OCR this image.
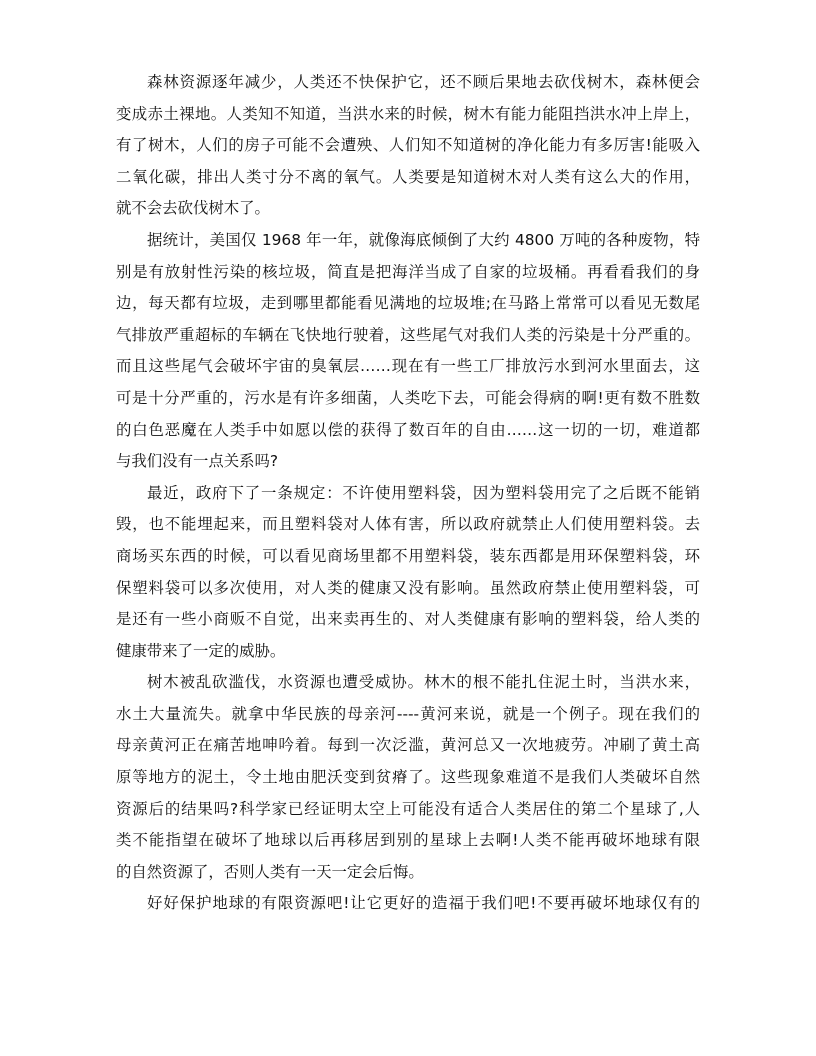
森林资源逐年减少，人类还不快保护它，还不顾后果地去砍伐树木，森林便会
变成赤土裸地。人类知不知道，当洪水来的时候，树木有能力能阻挡洪水冲上岸上，
有了树木，人们的房子可能不会遭殃、人们知不知道树的净化能力有多厉害!能吸入
二氧化碳，排出人类寸分不离的氧气。人类要是知道树木对人类有这么大的作用，
就不会去砍伐树木了。
据统计，美国仅 1968 年一年，就像海底倾倒了大约 4800 万吨的各种废物，特
别是有放射性污染的核垃圾，简直是把海洋当成了自家的垃圾桶。再看看我们的身
边，每天都有垃圾，走到哪里都能看见满地的垃圾堆;在马路上常常可以看见无数尾
气排放严重超标的车辆在飞快地行驶着，这些尾气对我们人类的污染是十分严重的。
而且这些尾气会破坏宇宙的臭氧层……现在有一些工厂排放污水到河水里面去，这
可是十分严重的，污水是有许多细菌，人类吃下去，可能会得病的啊!更有数不胜数
的白色恶魔在人类手中如愿以偿的获得了数百年的自由……这一切的一切，难道都
与我们没有一点关系吗?
最近，政府下了一条规定：不许使用塑料袋，因为塑料袋用完了之后既不能销
毁，也不能埋起来，而且塑料袋对人体有害，所以政府就禁止人们使用塑料袋。去
商场买东西的时候，可以看见商场里都不用塑料袋，装东西都是用环保塑料袋，环
保塑料袋可以多次使用，对人类的健康又没有影响。虽然政府禁止使用塑料袋，可
是还有一些小商贩不自觉，出来卖再生的、对人类健康有影响的塑料袋，给人类的
健康带来了一定的威胁。
树木被乱砍滥伐，水资源也遭受威协。林木的根不能扎住泥土时，当洪水来，
水土大量流失。就拿中华民族的母亲河----黄河来说，就是一个例子。现在我们的
母亲黄河正在痛苦地呻吟着。每到一次泛滥，黄河总又一次地疲劳。冲刷了黄土高
原等地方的泥土，令土地由肥沃变到贫瘠了。这些现象难道不是我们人类破坏自然
资源后的结果吗?科学家已经证明太空上可能没有适合人类居住的第二个星球了,人
类不能指望在破坏了地球以后再移居到别的星球上去啊!人类不能再破坏地球有限
的自然资源了，否则人类有一天一定会后悔。
好好保护地球的有限资源吧!让它更好的造福于我们吧!不要再破坏地球仅有的
